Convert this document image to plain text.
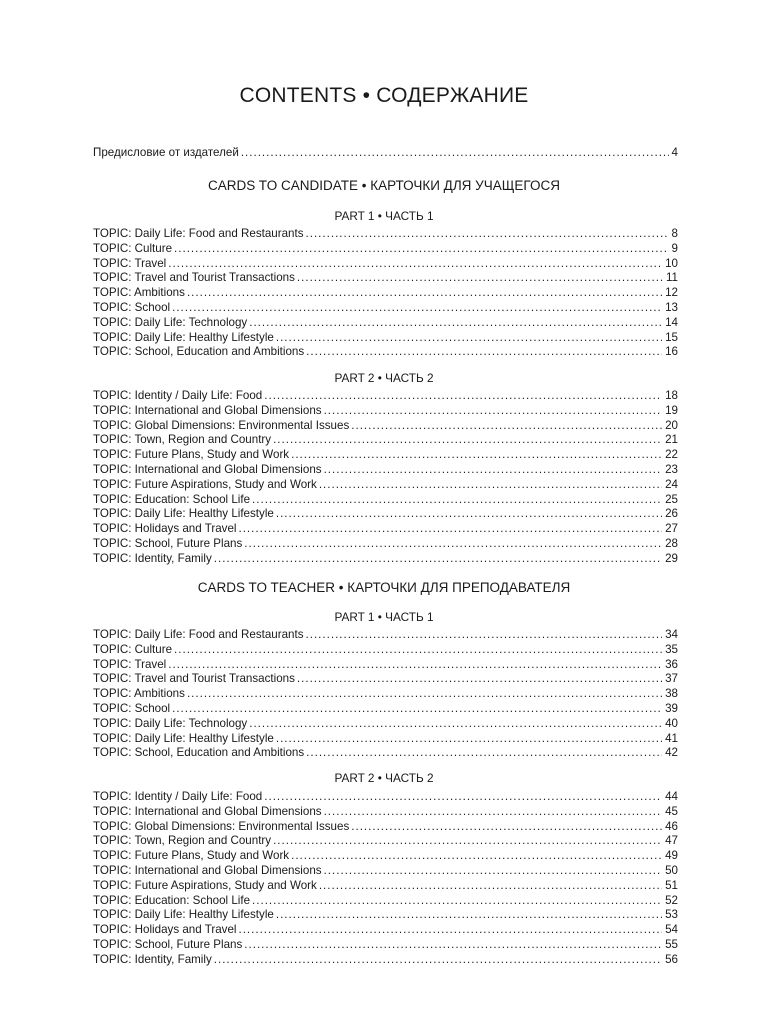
CONTENTS • СОДЕРЖАНИЕ
Предисловие от издателей .....	4
CARDS TO CANDIDATE • КАРТОЧКИ ДЛЯ УЧАЩЕГОСЯ
PART 1 • ЧАСТЬ 1
TOPIC: Daily Life: Food and Restaurants .....	8
TOPIC: Culture .....	9
TOPIC: Travel .....	10
TOPIC: Travel and Tourist Transactions .....	11
TOPIC: Ambitions .....	12
TOPIC: School .....	13
TOPIC: Daily Life: Technology .....	14
TOPIC: Daily Life: Healthy Lifestyle .....	15
TOPIC: School, Education and Ambitions .....	16
PART 2 • ЧАСТЬ 2
TOPIC: Identity / Daily Life: Food .....	18
TOPIC: International and Global Dimensions .....	19
TOPIC: Global Dimensions: Environmental Issues .....	20
TOPIC: Town, Region and Country .....	21
TOPIC: Future Plans, Study and Work .....	22
TOPIC: International and Global Dimensions .....	23
TOPIC: Future Aspirations, Study and Work .....	24
TOPIC: Education: School Life .....	25
TOPIC: Daily Life: Healthy Lifestyle .....	26
TOPIC: Holidays and Travel .....	27
TOPIC: School, Future Plans .....	28
TOPIC: Identity, Family .....	29
CARDS TO TEACHER • КАРТОЧКИ ДЛЯ ПРЕПОДАВАТЕЛЯ
PART 1 • ЧАСТЬ 1
TOPIC: Daily Life: Food and Restaurants .....	34
TOPIC: Culture .....	35
TOPIC: Travel .....	36
TOPIC: Travel and Tourist Transactions .....	37
TOPIC: Ambitions .....	38
TOPIC: School .....	39
TOPIC: Daily Life: Technology .....	40
TOPIC: Daily Life: Healthy Lifestyle .....	41
TOPIC: School, Education and Ambitions .....	42
PART 2 • ЧАСТЬ 2
TOPIC: Identity / Daily Life: Food .....	44
TOPIC: International and Global Dimensions .....	45
TOPIC: Global Dimensions: Environmental Issues .....	46
TOPIC: Town, Region and Country .....	47
TOPIC: Future Plans, Study and Work .....	49
TOPIC: International and Global Dimensions .....	50
TOPIC: Future Aspirations, Study and Work .....	51
TOPIC: Education: School Life .....	52
TOPIC: Daily Life: Healthy Lifestyle .....	53
TOPIC: Holidays and Travel .....	54
TOPIC: School, Future Plans .....	55
TOPIC: Identity, Family .....	56
